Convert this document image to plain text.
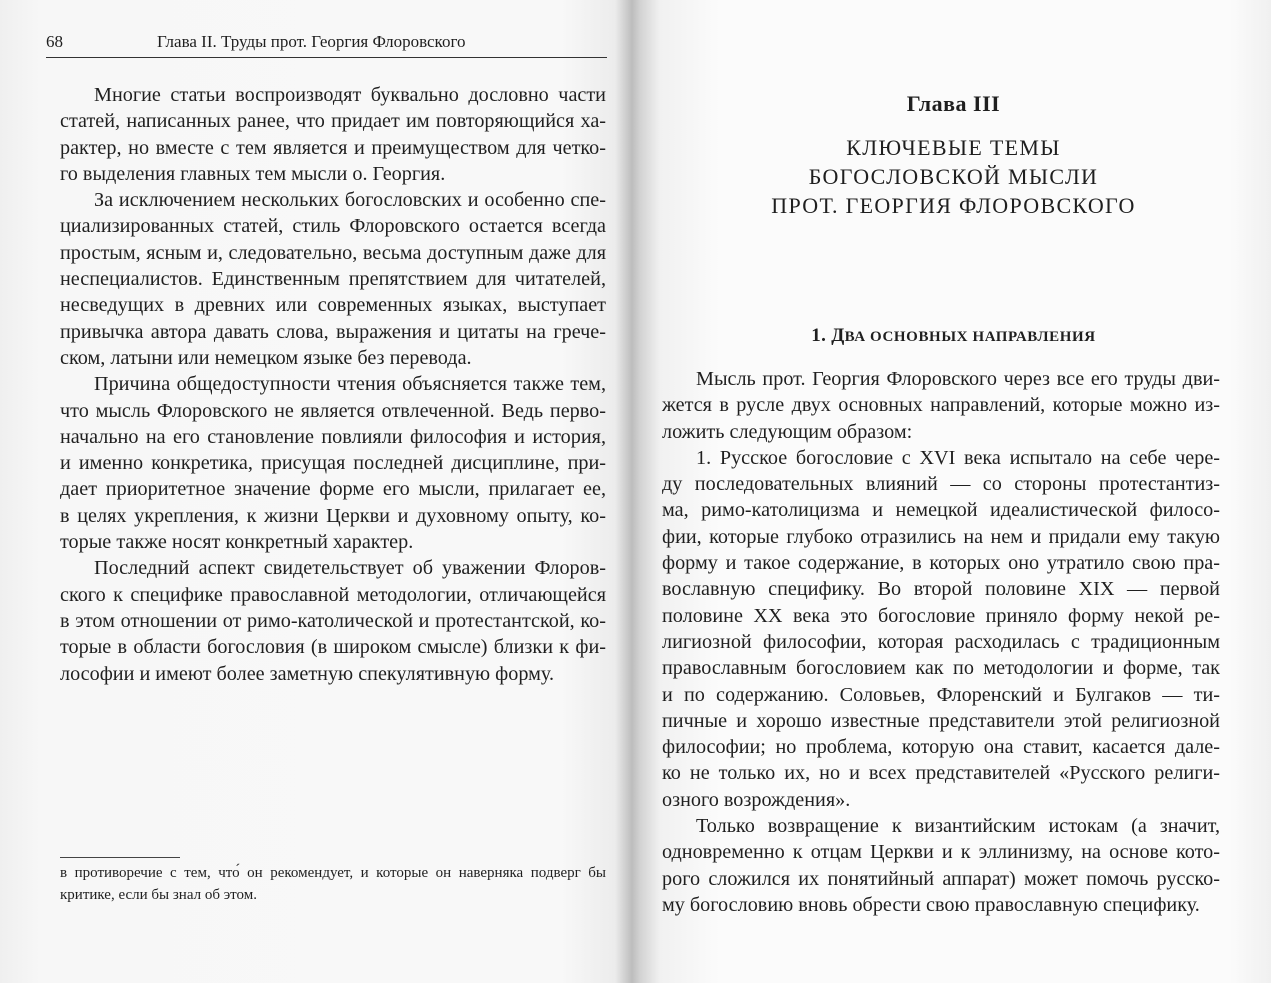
68	Глава II. Труды прот. Георгия Флоровского

Многие статьи воспроизводят буквально дословно части
статей, написанных ранее, что придает им повторяющийся ха-
рактер, но вместе с тем является и преимуществом для четко-
го выделения главных тем мысли о. Георгия.

За исключением нескольких богословских и особенно спе-
циализированных статей, стиль Флоровского остается всегда
простым, ясным и, следовательно, весьма доступным даже для
неспециалистов. Единственным препятствием для читателей,
несведущих в древних или современных языках, выступает
привычка автора давать слова, выражения и цитаты на грече-
ском, латыни или немецком языке без перевода.

Причина общедоступности чтения объясняется также тем,
что мысль Флоровского не является отвлеченной. Ведь перво-
начально на его становление повлияли философия и история,
и именно конкретика, присущая последней дисциплине, при-
дает приоритетное значение форме его мысли, прилагает ее,
в целях укрепления, к жизни Церкви и духовному опыту, ко-
торые также носят конкретный характер.

Последний аспект свидетельствует об уважении Флоров-
ского к специфике православной методологии, отличающейся
в этом отношении от римо-католической и протестантской, ко-
торые в области богословия (в широком смысле) близки к фи-
лософии и имеют более заметную спекулятивную форму.

в противоречие с тем, что́ он рекомендует, и которые он наверняка подверг бы
критике, если бы знал об этом.
Глава III
КЛЮЧЕВЫЕ ТЕМЫ
БОГОСЛОВСКОЙ МЫСЛИ
ПРОТ. ГЕОРГИЯ ФЛОРОВСКОГО
1. ДВА ОСНОВНЫХ НАПРАВЛЕНИЯ

Мысль прот. Георгия Флоровского через все его труды дви-
жется в русле двух основных направлений, которые можно из-
ложить следующим образом:

1. Русское богословие с XVI века испытало на себе чере-
ду последовательных влияний — со стороны протестантиз-
ма, римо-католицизма и немецкой идеалистической филосо-
фии, которые глубоко отразились на нем и придали ему такую
форму и такое содержание, в которых оно утратило свою пра-
вославную специфику. Во второй половине XIX — первой
половине XX века это богословие приняло форму некой ре-
лигиозной философии, которая расходилась с традиционным
православным богословием как по методологии и форме, так
и по содержанию. Соловьев, Флоренский и Булгаков — ти-
пичные и хорошо известные представители этой религиозной
философии; но проблема, которую она ставит, касается дале-
ко не только их, но и всех представителей «Русского религи-
озного возрождения».

Только возвращение к византийским истокам (а значит,
одновременно к отцам Церкви и к эллинизму, на основе кото-
рого сложился их понятийный аппарат) может помочь русско-
му богословию вновь обрести свою православную специфику.
